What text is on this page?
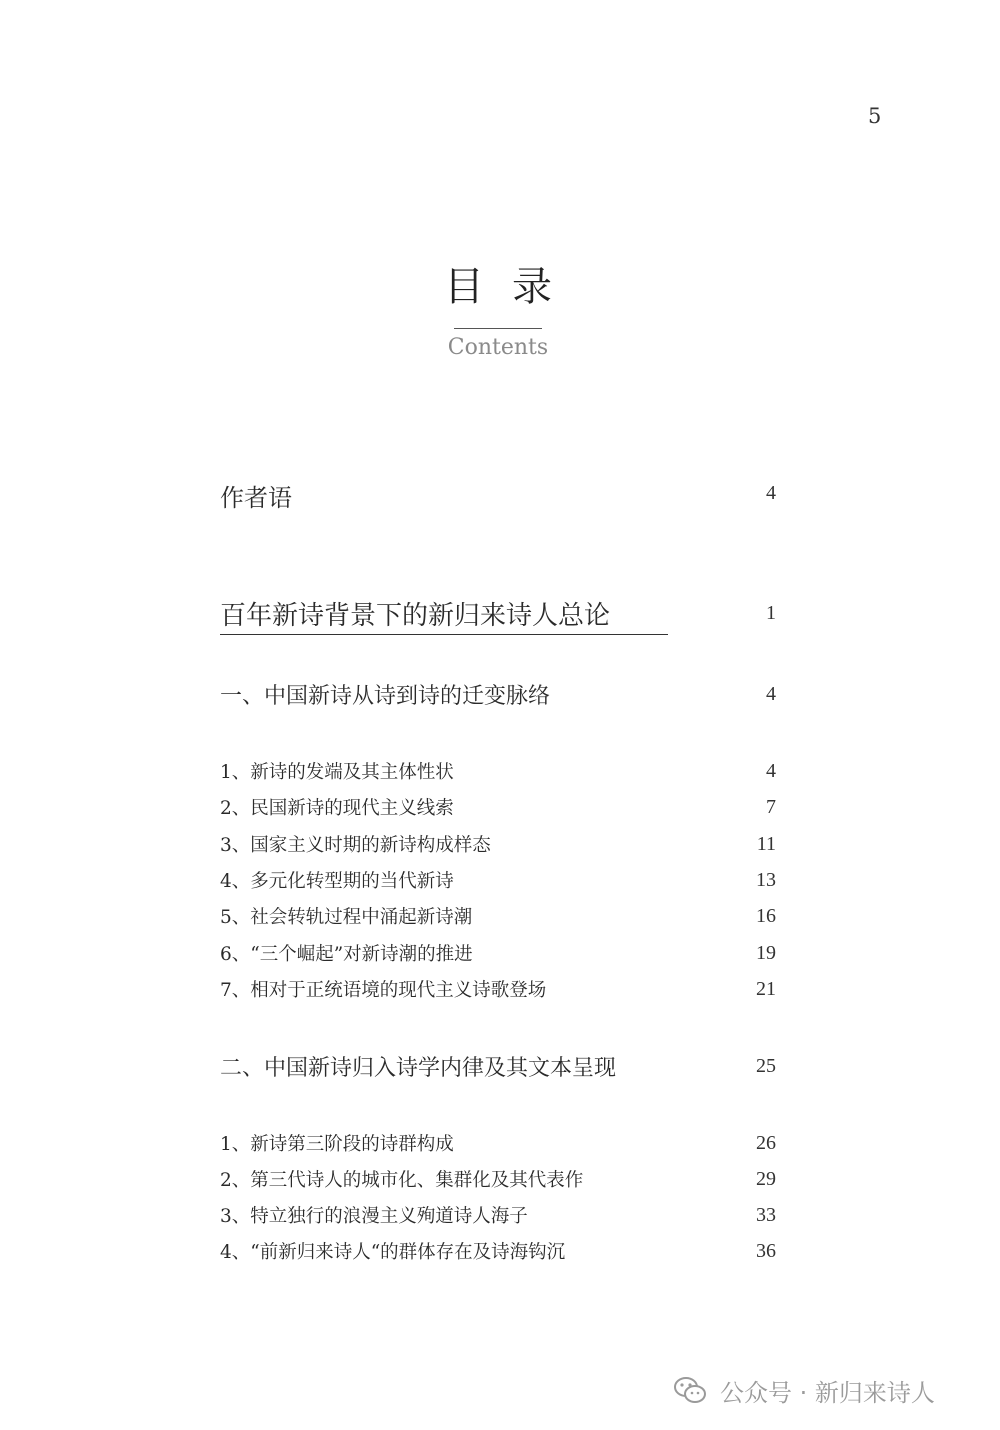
5
目录
Contents
作者语	4
百年新诗背景下的新归来诗人总论	1
一、中国新诗从诗到诗的迁变脉络	4
1、新诗的发端及其主体性状	4
2、民国新诗的现代主义线索	7
3、国家主义时期的新诗构成样态	11
4、多元化转型期的当代新诗	13
5、社会转轨过程中涌起新诗潮	16
6、“三个崛起”对新诗潮的推进	19
7、相对于正统语境的现代主义诗歌登场	21
二、中国新诗归入诗学内律及其文本呈现	25
1、新诗第三阶段的诗群构成	26
2、第三代诗人的城市化、集群化及其代表作	29
3、特立独行的浪漫主义殉道诗人海子	33
4、“前新归来诗人“的群体存在及诗海钩沉	36
公众号 · 新归来诗人
